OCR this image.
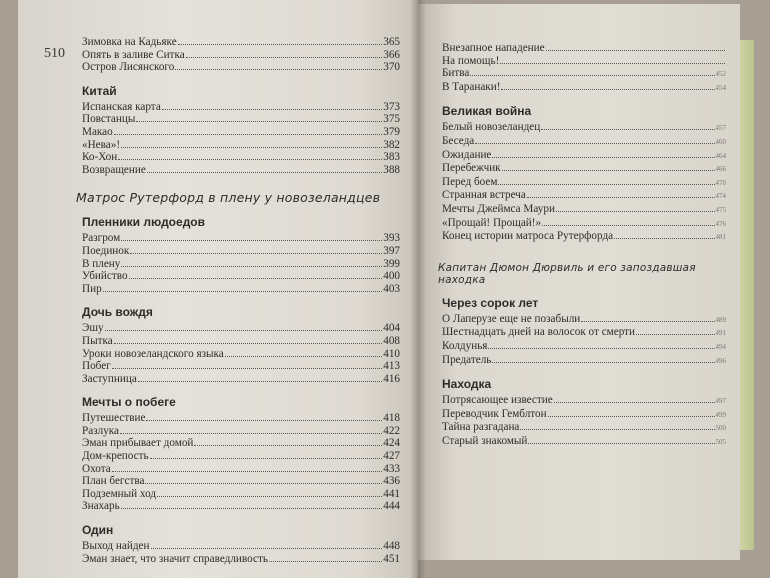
Зимовка на Кадьяке	365
Опять в заливе Ситка	366
Остров Лисянского	370
Китай
Испанская карта	373
Повстанцы	375
Макао	379
«Нева»!	382
Ко-Хон	383
Возвращение	388
Матрос Рутерфорд в плену у новозеландцев
Пленники людоедов
Разгром	393
Поединок	397
В плену	399
Убийство	400
Пир	403
Дочь вождя
Эшу	404
Пытка	408
Уроки новозеландского языка	410
Побег	413
Заступница	416
Мечты о побеге
Путешествие	418
Разлука	422
Эман прибывает домой	424
Дом-крепость	427
Охота	433
План бегства	436
Подземный ход	441
Знахарь	444
Один
Выход найден	448
Эман знает, что значит справедливость	451
510	Внезапное нападение
На помощь!
Битва	452
В Таранаки!	454
Великая война
Белый новозеландец	457
Беседа	460
Ожидание	464
Перебежчик	466
Перед боем	470
Странная встреча	474
Мечты Джеймса Маури	475
«Прощай! Прощай!»	476
Конец истории матроса Рутерфорда	481
Капитан Дюмон Дюрвиль и его запоздавшая находка
Через сорок лет
О Лаперузе еще не позабыли	489
Шестнадцать дней на волосок от смерти	491
Колдунья	494
Предатель	496
Находка
Потрясающее известие	497
Переводчик Гемблтон	499
Тайна разгадана	500
Старый знакомый	505
